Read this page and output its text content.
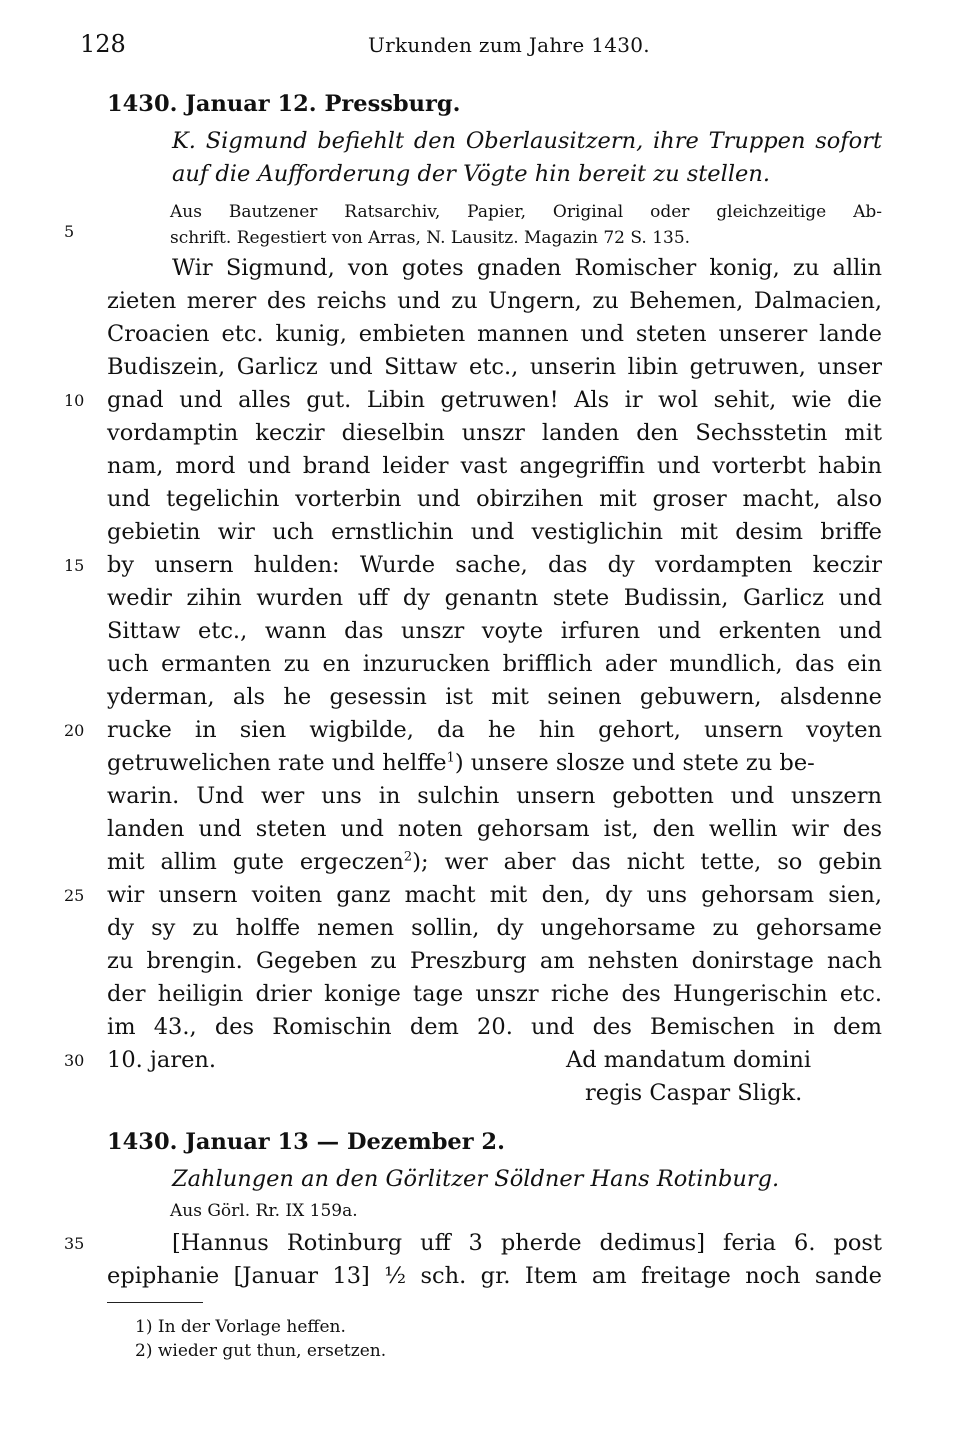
128	Urkunden zum Jahre 1430.
1430. Januar 12. Pressburg.
K. Sigmund befiehlt den Oberlausitzern, ihre Truppen sofort
auf die Aufforderung der Vögte hin bereit zu stellen.
Aus Bautzener Ratsarchiv, Papier, Original oder gleichzeitige Ab-
schrift. Regestiert von Arras, N. Lausitz. Magazin 72 S. 135.
Wir Sigmund, von gotes gnaden Romischer konig, zu allin
zieten merer des reichs und zu Ungern, zu Behemen, Dalmacien,
Croacien etc. kunig, embieten mannen und steten unserer lande
Budiszein, Garlicz und Sittaw etc., unserin libin getruwen, unser
gnad und alles gut. Libin getruwen! Als ir wol sehit, wie die
vordamptin keczir dieselbin unszr landen den Sechsstetin mit
nam, mord und brand leider vast angegriffin und vorterbt habin
und tegelichin vorterbin und obirzihen mit groser macht, also
gebietin wir uch ernstlichin und vestiglichin mit desim briffe
by unsern hulden: Wurde sache, das dy vordampten keczir
wedir zihin wurden uff dy genantn stete Budissin, Garlicz und
Sittaw etc., wann das unszr voyte irfuren und erkenten und
uch ermanten zu en inzurucken brifflich ader mundlich, das ein
yderman, als he gesessin ist mit seinen gebuwern, alsdenne
rucke in sien wigbilde, da he hin gehort, unsern voyten
getruwelichen rate und helffe$^1$) unsere slosze und stete zu be-
warin. Und wer uns in sulchin unsern gebotten und unszern
landen und steten und noten gehorsam ist, den wellin wir des
mit allim gute ergeczen$^2$); wer aber das nicht tette, so gebin
wir unsern voiten ganz macht mit den, dy uns gehorsam sien,
dy sy zu holffe nemen sollin, dy ungehorsame zu gehorsame
zu brengin. Gegeben zu Preszburg am nehsten donirstage nach
der heiligin drier konige tage unszr riche des Hungerischin etc.
im 43., des Romischin dem 20. und des Bemischen in dem
10. jaren.	Ad mandatum domini
regis Caspar Sligk.
1430. Januar 13 — Dezember 2.
Zahlungen an den Görlitzer Söldner Hans Rotinburg.
Aus Görl. Rr. IX 159a.
[Hannus Rotinburg uff 3 pherde dedimus] feria 6. post
epiphanie [Januar 13] ½ sch. gr. Item am freitage noch sande
5
10
15
20
25
30
35
1) In der Vorlage heffen.
2) wieder gut thun, ersetzen.
